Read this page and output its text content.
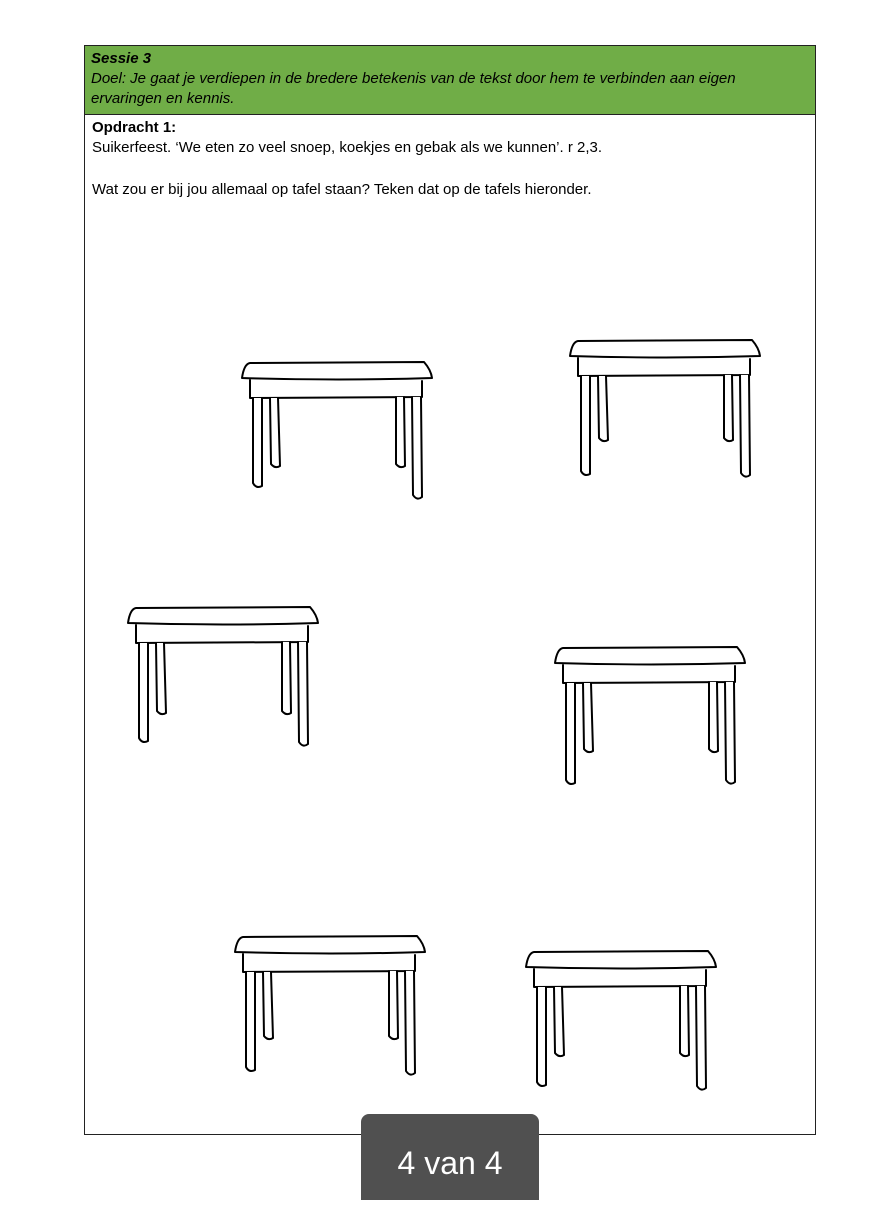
Sessie 3
Doel: Je gaat je verdiepen in de bredere betekenis van de tekst door hem te verbinden aan eigen ervaringen en kennis.
Opdracht 1:
Suikerfeest. ‘We eten zo veel snoep, koekjes en gebak als we kunnen’. r 2,3.
Wat zou er bij jou allemaal op tafel staan? Teken dat op de tafels hieronder.
4 van 4
